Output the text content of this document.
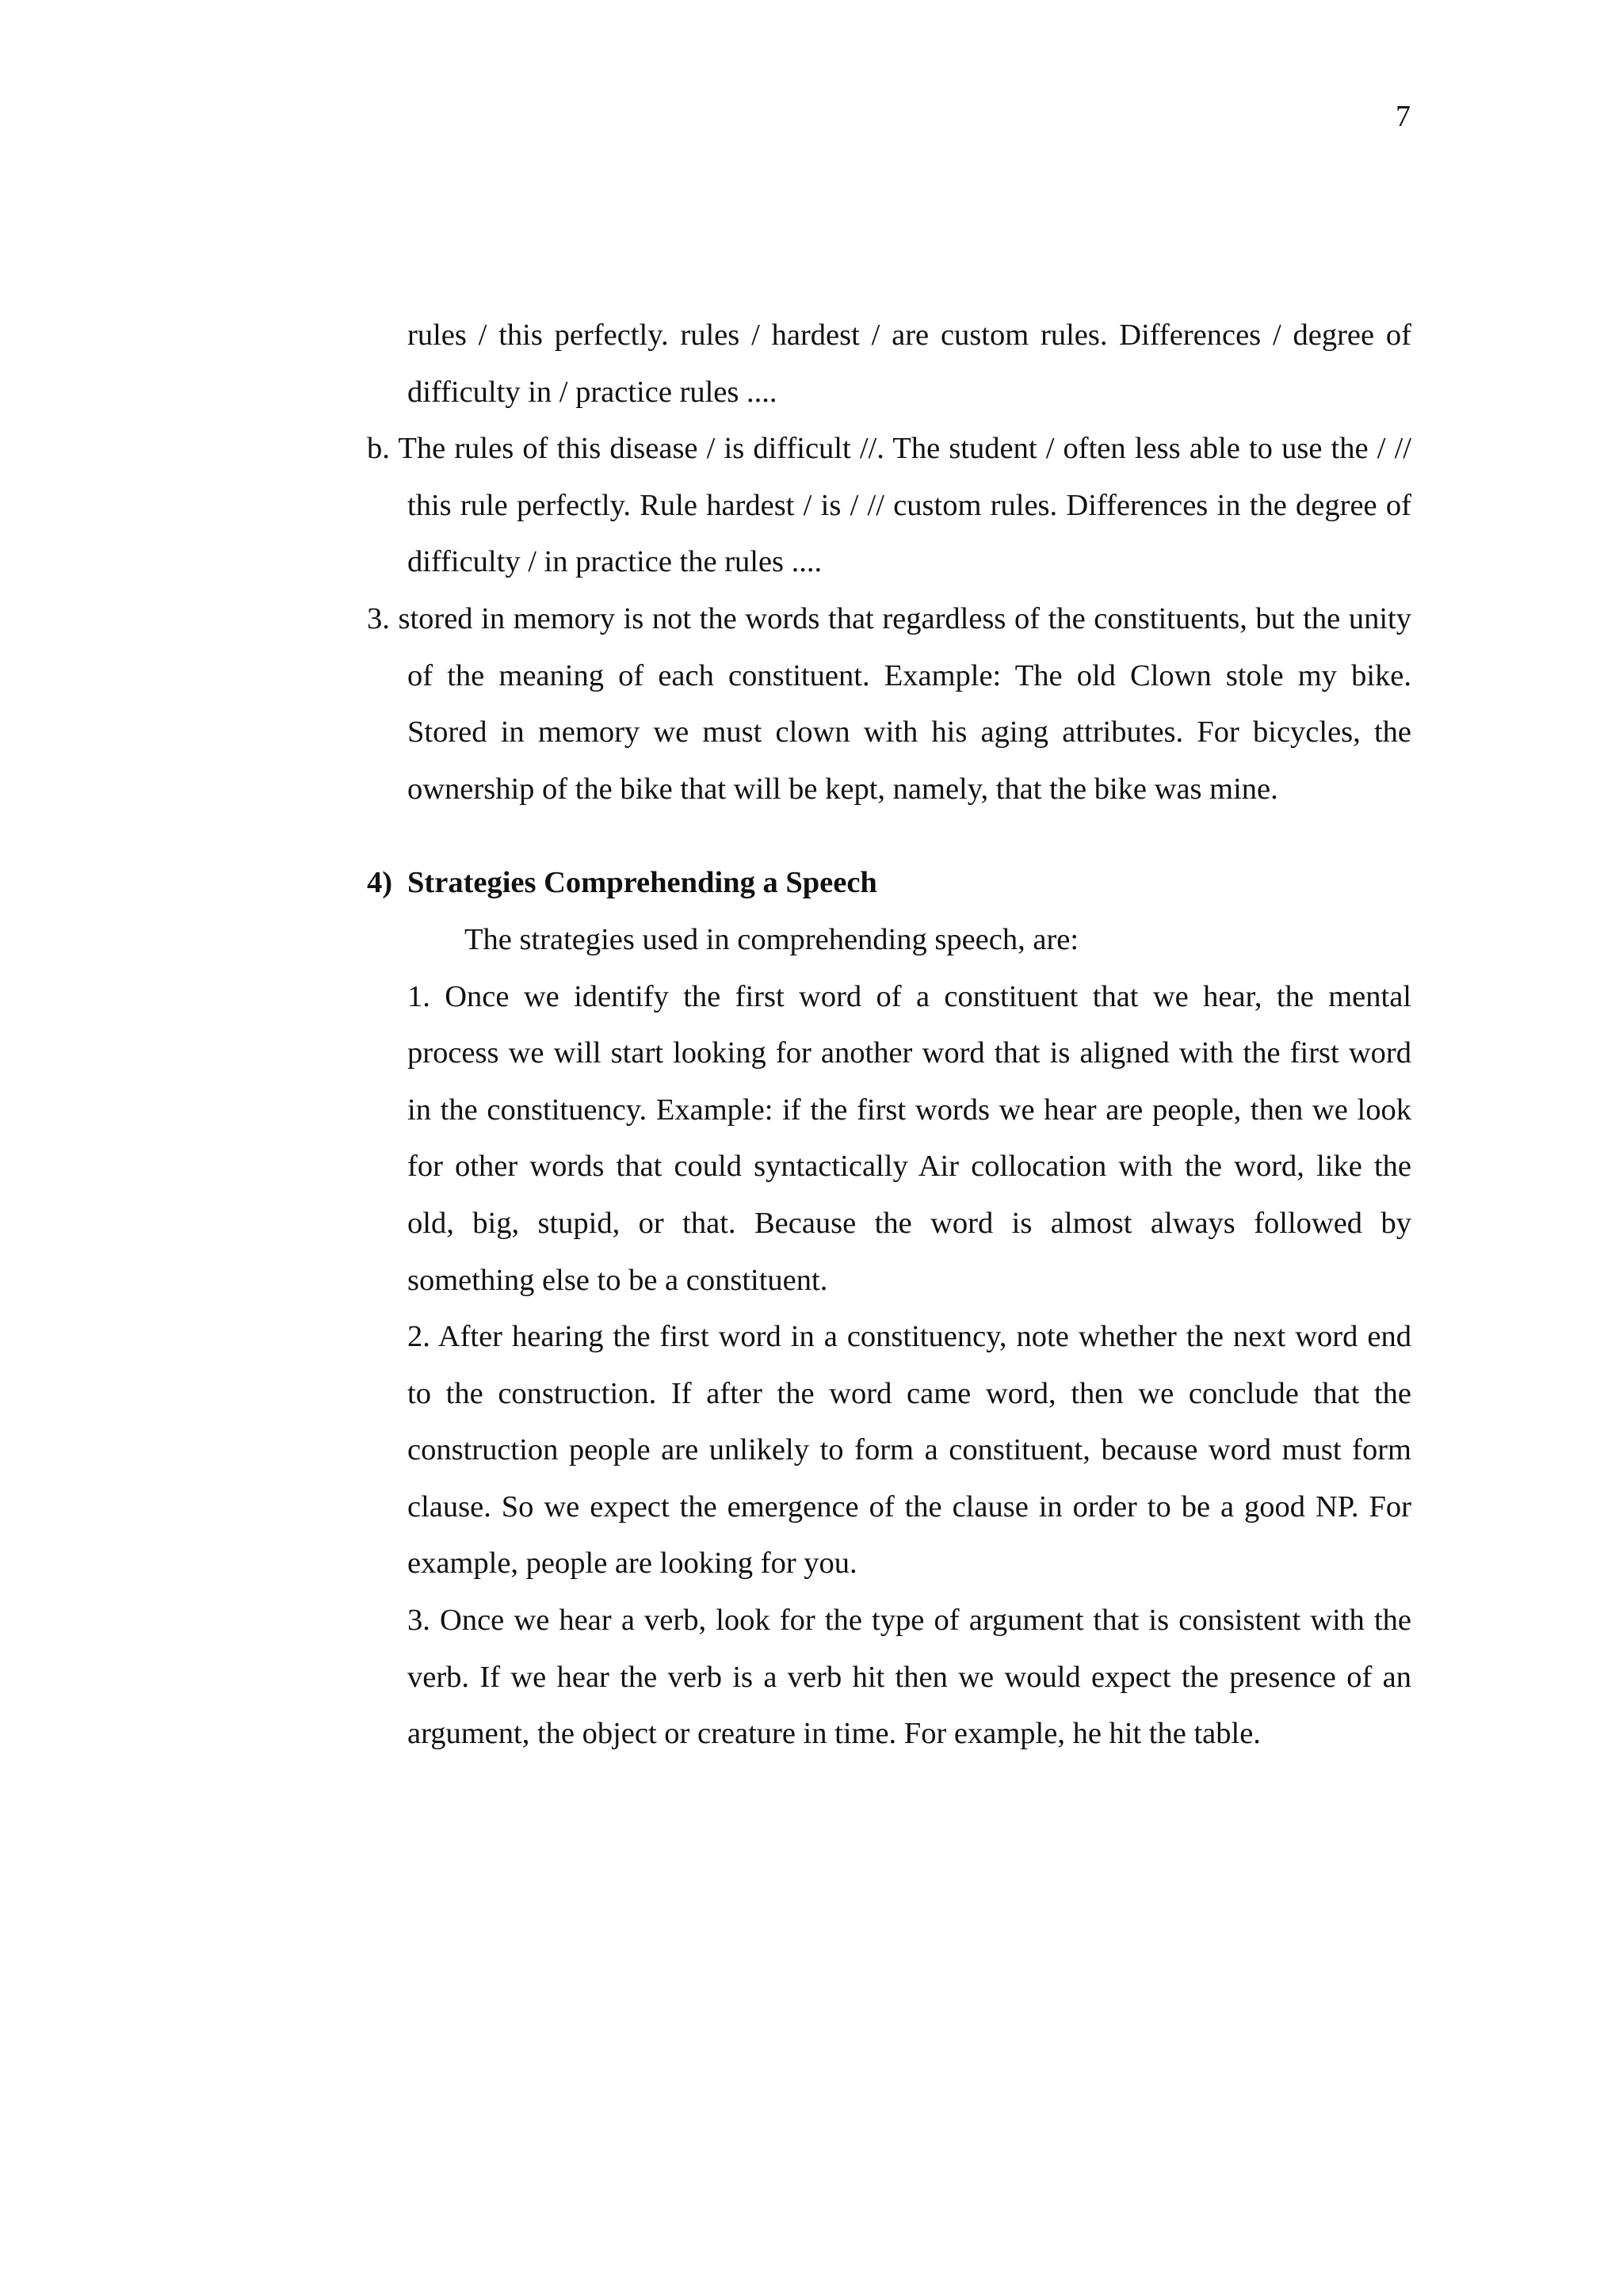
7

rules / this perfectly. rules / hardest / are custom rules. Differences / degree of difficulty in / practice rules ....

b. The rules of this disease / is difficult //. The student / often less able to use the / // this rule perfectly. Rule hardest / is / // custom rules. Differences in the degree of difficulty / in practice the rules ....

3. stored in memory is not the words that regardless of the constituents, but the unity of the meaning of each constituent. Example: The old Clown stole my bike. Stored in memory we must clown with his aging attributes. For bicycles, the ownership of the bike that will be kept, namely, that the bike was mine.

4) Strategies Comprehending a Speech

The strategies used in comprehending speech, are:

1. Once we identify the first word of a constituent that we hear, the mental process we will start looking for another word that is aligned with the first word in the constituency. Example: if the first words we hear are people, then we look for other words that could syntactically Air collocation with the word, like the old, big, stupid, or that. Because the word is almost always followed by something else to be a constituent.

2. After hearing the first word in a constituency, note whether the next word end to the construction. If after the word came word, then we conclude that the construction people are unlikely to form a constituent, because word must form clause. So we expect the emergence of the clause in order to be a good NP. For example, people are looking for you.

3. Once we hear a verb, look for the type of argument that is consistent with the verb. If we hear the verb is a verb hit then we would expect the presence of an argument, the object or creature in time. For example, he hit the table.
